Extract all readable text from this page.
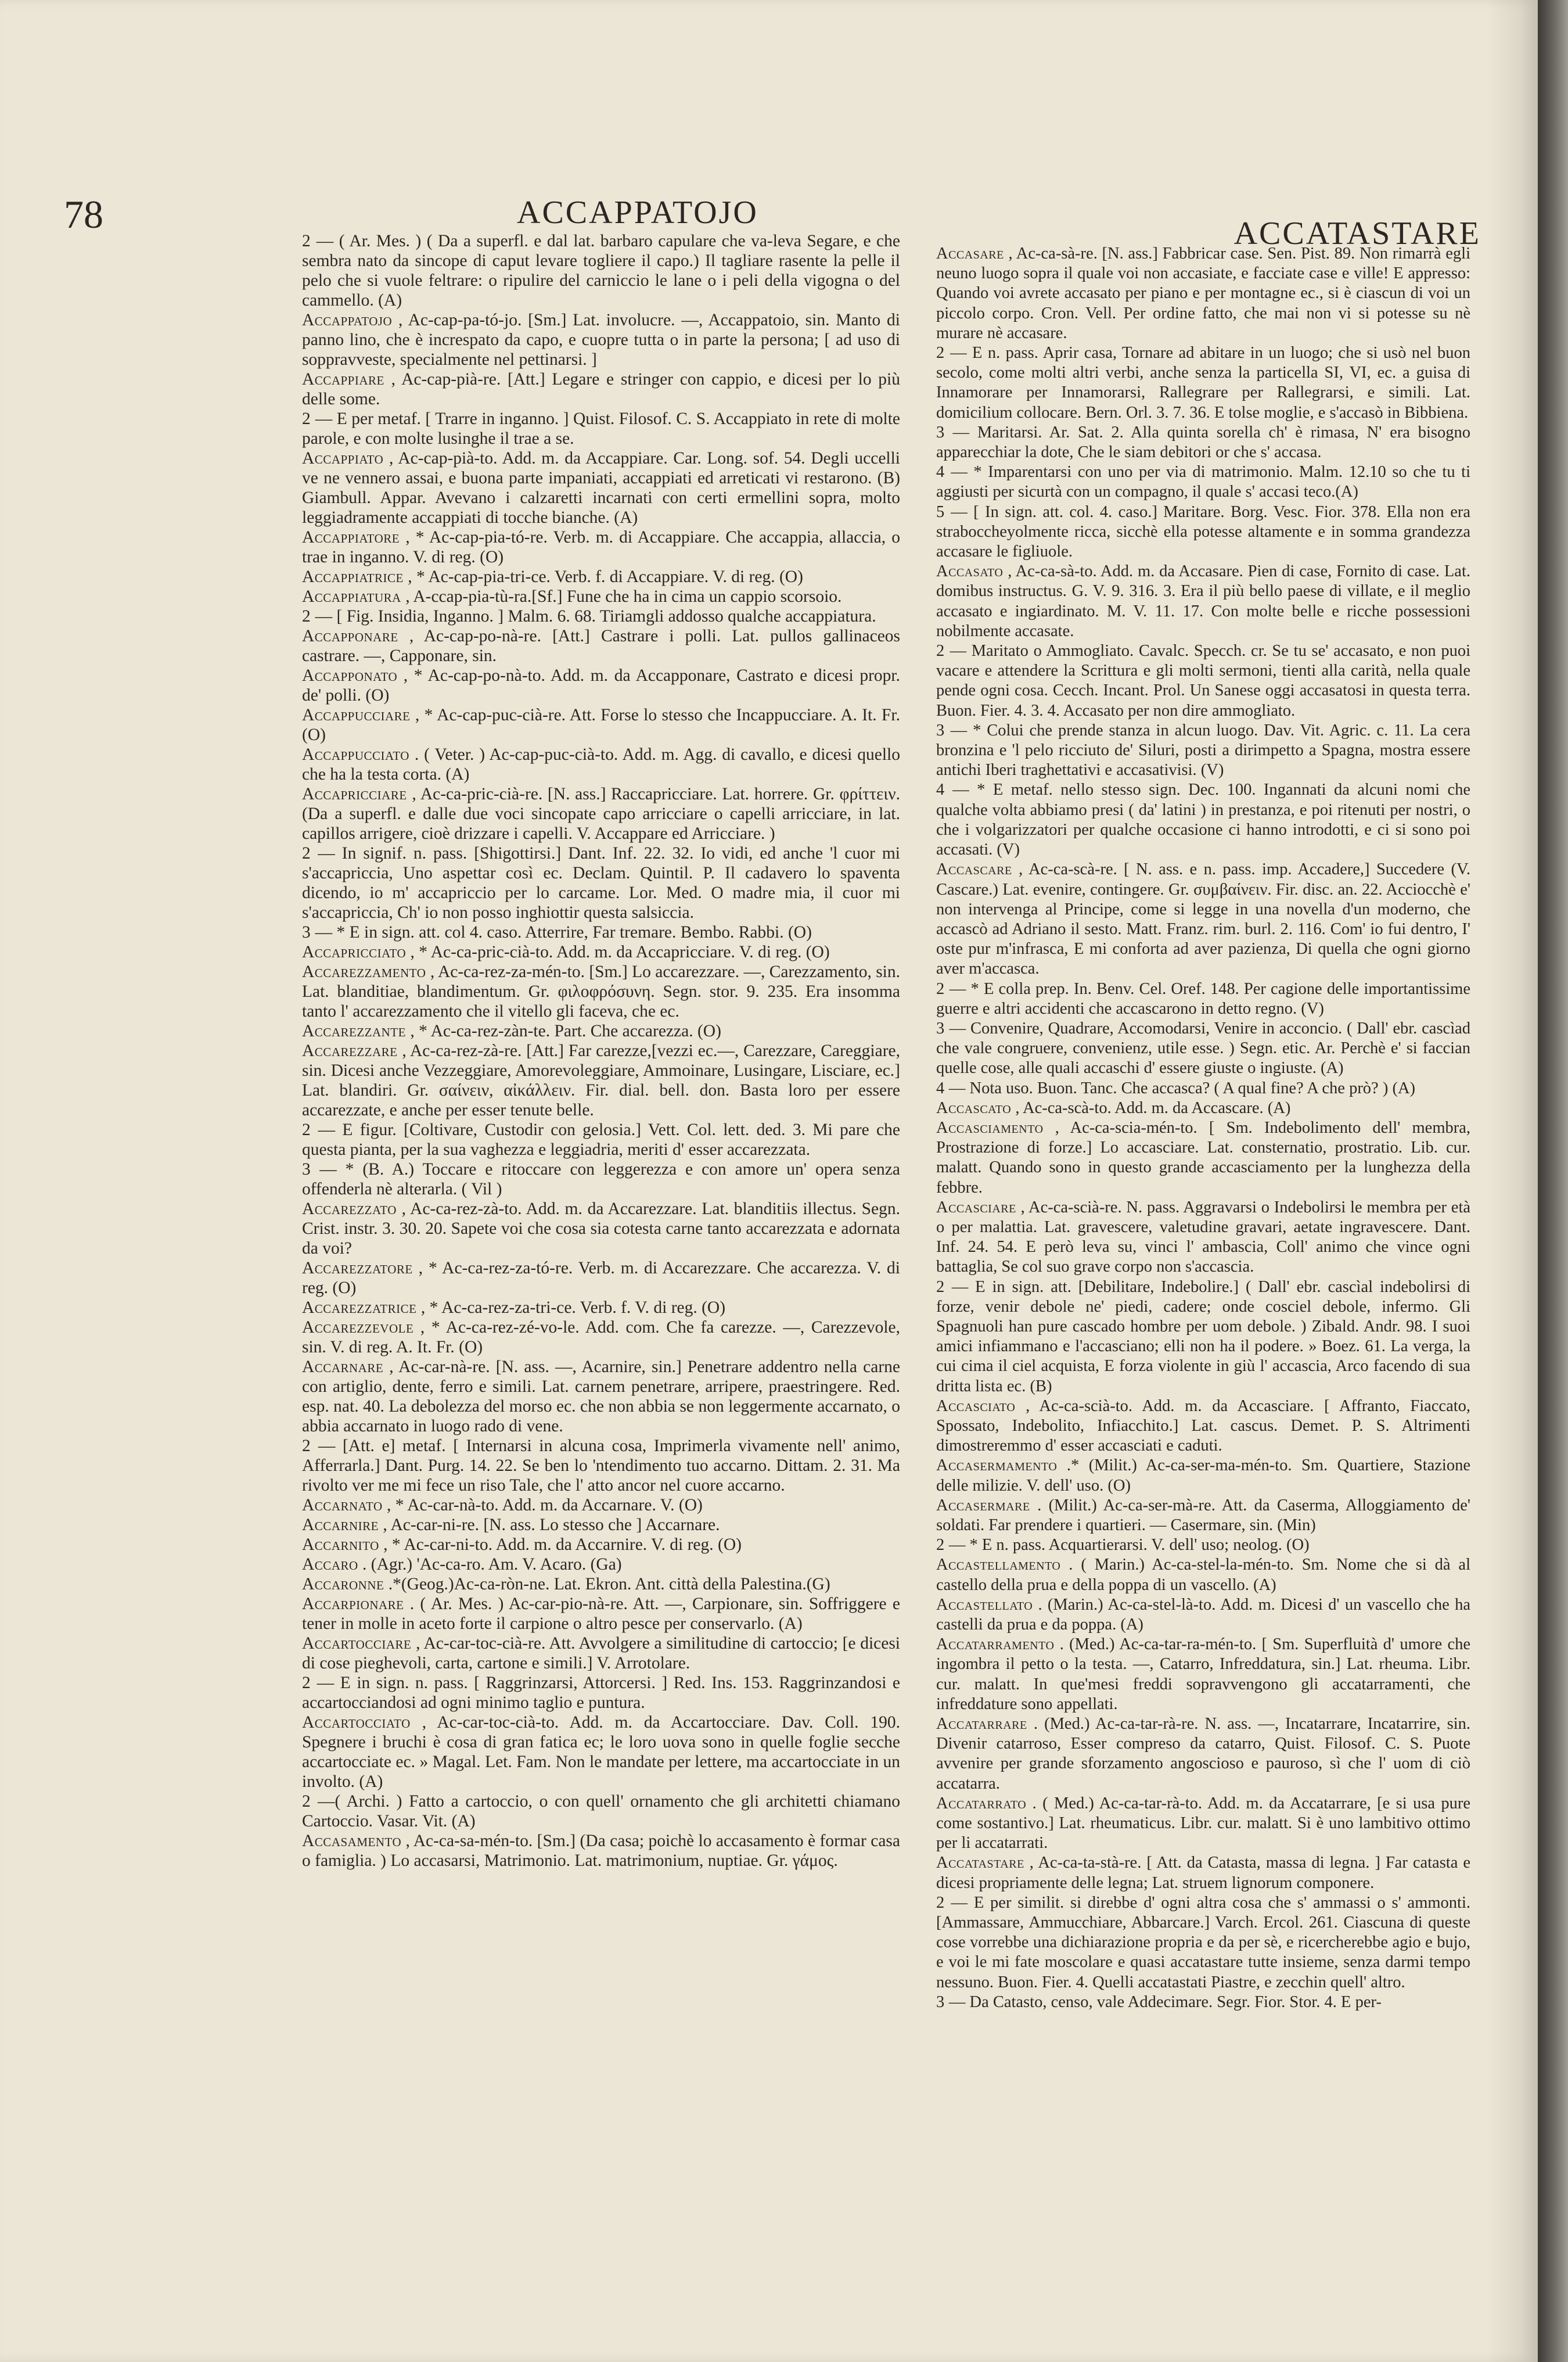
78	ACCAPPATOJO
ACCATASTARE
2 — ( Ar. Mes. ) ( Da a superfl. e dal lat. barbaro capulare che va-leva Segare, e che sembra nato da sincope di caput levare togliere il capo.) Il tagliare rasente la pelle il pelo che si vuole feltrare: o ripulire del carniccio le lane o i peli della vigogna o del cammello. (A)
Accappatojo , Ac-cap-pa-tó-jo. [Sm.] Lat. involucre. —, Accappatoio, sin. Manto di panno lino, che è increspato da capo, e cuopre tutta o in parte la persona; [ ad uso di soppravveste, specialmente nel pettinarsi. ]
Accappiare , Ac-cap-pià-re. [Att.] Legare e stringer con cappio, e dicesi per lo più delle some.
2 — E per metaf. [ Trarre in inganno. ] Quist. Filosof. C. S. Accappiato in rete di molte parole, e con molte lusinghe il trae a se.
Accappiato , Ac-cap-pià-to. Add. m. da Accappiare. Car. Long. sof. 54. Degli uccelli ve ne vennero assai, e buona parte impaniati, accappiati ed arreticati vi restarono. (B) Giambull. Appar. Avevano i calzaretti incarnati con certi ermellini sopra, molto leggiadramente accappiati di tocche bianche. (A)
Accappiatore , * Ac-cap-pia-tó-re. Verb. m. di Accappiare. Che accappia, allaccia, o trae in inganno. V. di reg. (O)
Accappiatrice , * Ac-cap-pia-tri-ce. Verb. f. di Accappiare. V. di reg. (O)
Accappiatura , A-ccap-pia-tù-ra.[Sf.] Fune che ha in cima un cappio scorsoio.
2 — [ Fig. Insidia, Inganno. ] Malm. 6. 68. Tiriamgli addosso qualche accappiatura.
Accapponare , Ac-cap-po-nà-re. [Att.] Castrare i polli. Lat. pullos gallinaceos castrare. —, Capponare, sin.
Accapponato , * Ac-cap-po-nà-to. Add. m. da Accapponare, Castrato e dicesi propr. de' polli. (O)
Accappucciare , * Ac-cap-puc-cià-re. Att. Forse lo stesso che Incappucciare. A. It. Fr. (O)
Accappucciato . ( Veter. ) Ac-cap-puc-cià-to. Add. m. Agg. di cavallo, e dicesi quello che ha la testa corta. (A)
Accapricciare , Ac-ca-pric-cià-re. [N. ass.] Raccapricciare. Lat. horrere. Gr. φρίττειν. (Da a superfl. e dalle due voci sincopate capo arricciare o capelli arricciare, in lat. capillos arrigere, cioè drizzare i capelli. V. Accappare ed Arricciare. )
2 — In signif. n. pass. [Shigottirsi.] Dant. Inf. 22. 32. Io vidi, ed anche 'l cuor mi s'accapriccia, Uno aspettar così ec. Declam. Quintil. P. Il cadavero lo spaventa dicendo, io m' accapriccio per lo carcame. Lor. Med. O madre mia, il cuor mi s'accapriccia, Ch' io non posso inghiottir questa salsiccia.
3 — * E in sign. att. col 4. caso. Atterrire, Far tremare. Bembo. Rabbi. (O)
Accapricciato , * Ac-ca-pric-cià-to. Add. m. da Accapricciare. V. di reg. (O)
Accarezzamento , Ac-ca-rez-za-mén-to. [Sm.] Lo accarezzare. —, Carezzamento, sin. Lat. blanditiae, blandimentum. Gr. φιλοφρόσυνη. Segn. stor. 9. 235. Era insomma tanto l' accarezzamento che il vitello gli faceva, che ec.
Accarezzante , * Ac-ca-rez-zàn-te. Part. Che accarezza. (O)
Accarezzare , Ac-ca-rez-zà-re. [Att.] Far carezze,[vezzi ec.—, Carezzare, Careggiare, sin. Dicesi anche Vezzeggiare, Amorevoleggiare, Ammoinare, Lusingare, Lisciare, ec.] Lat. blandiri. Gr. σαίνειν, αἰκάλλειν. Fir. dial. bell. don. Basta loro per essere accarezzate, e anche per esser tenute belle.
2 — E figur. [Coltivare, Custodir con gelosia.] Vett. Col. lett. ded. 3. Mi pare che questa pianta, per la sua vaghezza e leggiadria, meriti d' esser accarezzata.
3 — * (B. A.) Toccare e ritoccare con leggerezza e con amore un' opera senza offenderla nè alterarla. ( Vil )
Accarezzato , Ac-ca-rez-zà-to. Add. m. da Accarezzare. Lat. blanditiis illectus. Segn. Crist. instr. 3. 30. 20. Sapete voi che cosa sia cotesta carne tanto accarezzata e adornata da voi?
Accarezzatore , * Ac-ca-rez-za-tó-re. Verb. m. di Accarezzare. Che accarezza. V. di reg. (O)
Accarezzatrice , * Ac-ca-rez-za-tri-ce. Verb. f. V. di reg. (O)
Accarezzevole , * Ac-ca-rez-zé-vo-le. Add. com. Che fa carezze. —, Carezzevole, sin. V. di reg. A. It. Fr. (O)
Accarnare , Ac-car-nà-re. [N. ass. —, Acarnire, sin.] Penetrare addentro nella carne con artiglio, dente, ferro e simili. Lat. carnem penetrare, arripere, praestringere. Red. esp. nat. 40. La debolezza del morso ec. che non abbia se non leggermente accarnato, o abbia accarnato in luogo rado di vene.
2 — [Att. e] metaf. [ Internarsi in alcuna cosa, Imprimerla vivamente nell' animo, Afferrarla.] Dant. Purg. 14. 22. Se ben lo 'ntendimento tuo accarno. Dittam. 2. 31. Ma rivolto ver me mi fece un riso Tale, che l' atto ancor nel cuore accarno.
Accarnato , * Ac-car-nà-to. Add. m. da Accarnare. V. (O)
Accarnire , Ac-car-ni-re. [N. ass. Lo stesso che ] Accarnare.
Accarnito , * Ac-car-ni-to. Add. m. da Accarnire. V. di reg. (O)
Accaro . (Agr.) 'Ac-ca-ro. Am. V. Acaro. (Ga)
Accaronne .*(Geog.)Ac-ca-ròn-ne. Lat. Ekron. Ant. città della Palestina.(G)
Accarpionare . ( Ar. Mes. ) Ac-car-pio-nà-re. Att. —, Carpionare, sin. Soffriggere e tener in molle in aceto forte il carpione o altro pesce per conservarlo. (A)
Accartocciare , Ac-car-toc-cià-re. Att. Avvolgere a similitudine di cartoccio; [e dicesi di cose pieghevoli, carta, cartone e simili.] V. Arrotolare.
2 — E in sign. n. pass. [ Raggrinzarsi, Attorcersi. ] Red. Ins. 153. Raggrinzandosi e accartocciandosi ad ogni minimo taglio e puntura.
Accartocciato , Ac-car-toc-cià-to. Add. m. da Accartocciare. Dav. Coll. 190. Spegnere i bruchi è cosa di gran fatica ec; le loro uova sono in quelle foglie secche accartocciate ec. » Magal. Let. Fam. Non le mandate per lettere, ma accartocciate in un involto. (A)
2 —( Archi. ) Fatto a cartoccio, o con quell' ornamento che gli architetti chiamano Cartoccio. Vasar. Vit. (A)
Accasamento , Ac-ca-sa-mén-to. [Sm.] (Da casa; poichè lo accasamento è formar casa o famiglia. ) Lo accasarsi, Matrimonio. Lat. matrimonium, nuptiae. Gr. γάμος.
Accasare , Ac-ca-sà-re. [N. ass.] Fabbricar case. Sen. Pist. 89. Non rimarrà egli neuno luogo sopra il quale voi non accasiate, e facciate case e ville! E appresso: Quando voi avrete accasato per piano e per montagne ec., si è ciascun di voi un piccolo corpo. Cron. Vell. Per ordine fatto, che mai non vi si potesse su nè murare nè accasare.
2 — E n. pass. Aprir casa, Tornare ad abitare in un luogo; che si usò nel buon secolo, come molti altri verbi, anche senza la particella SI, VI, ec. a guisa di Innamorare per Innamorarsi, Rallegrare per Rallegrarsi, e simili. Lat. domicilium collocare. Bern. Orl. 3. 7. 36. E tolse moglie, e s'accasò in Bibbiena.
3 — Maritarsi. Ar. Sat. 2. Alla quinta sorella ch' è rimasa, N' era bisogno apparecchiar la dote, Che le siam debitori or che s' accasa.
4 — * Imparentarsi con uno per via di matrimonio. Malm. 12.10 so che tu ti aggiusti per sicurtà con un compagno, il quale s' accasi teco.(A)
5 — [ In sign. att. col. 4. caso.] Maritare. Borg. Vesc. Fior. 378. Ella non era straboccheyolmente ricca, sicchè ella potesse altamente e in somma grandezza accasare le figliuole.
Accasato , Ac-ca-sà-to. Add. m. da Accasare. Pien di case, Fornito di case. Lat. domibus instructus. G. V. 9. 316. 3. Era il più bello paese di villate, e il meglio accasato e ingiardinato. M. V. 11. 17. Con molte belle e ricche possessioni nobilmente accasate.
2 — Maritato o Ammogliato. Cavalc. Specch. cr. Se tu se' accasato, e non puoi vacare e attendere la Scrittura e gli molti sermoni, tienti alla carità, nella quale pende ogni cosa. Cecch. Incant. Prol. Un Sanese oggi accasatosi in questa terra. Buon. Fier. 4. 3. 4. Accasato per non dire ammogliato.
3 — * Colui che prende stanza in alcun luogo. Dav. Vit. Agric. c. 11. La cera bronzina e 'l pelo ricciuto de' Siluri, posti a dirimpetto a Spagna, mostra essere antichi Iberi traghettativi e accasativisi. (V)
4 — * E metaf. nello stesso sign. Dec. 100. Ingannati da alcuni nomi che qualche volta abbiamo presi ( da' latini ) in prestanza, e poi ritenuti per nostri, o che i volgarizzatori per qualche occasione ci hanno introdotti, e ci si sono poi accasati. (V)
Accascare , Ac-ca-scà-re. [ N. ass. e n. pass. imp. Accadere,] Succedere (V. Cascare.) Lat. evenire, contingere. Gr. συμβαίνειν. Fir. disc. an. 22. Acciocchè e' non intervenga al Principe, come si legge in una novella d'un moderno, che accascò ad Adriano il sesto. Matt. Franz. rim. burl. 2. 116. Com' io fui dentro, I' oste pur m'infrasca, E mi conforta ad aver pazienza, Di quella che ogni giorno aver m'accasca.
2 — * E colla prep. In. Benv. Cel. Oref. 148. Per cagione delle importantissime guerre e altri accidenti che accascarono in detto regno. (V)
3 — Convenire, Quadrare, Accomodarsi, Venire in acconcio. ( Dall' ebr. cascìad che vale congruere, convenienz, utile esse. ) Segn. etic. Ar. Perchè e' si faccian quelle cose, alle quali accaschi d' essere giuste o ingiuste. (A)
4 — Nota uso. Buon. Tanc. Che accasca? ( A qual fine? A che prò? ) (A)
Accascato , Ac-ca-scà-to. Add. m. da Accascare. (A)
Accasciamento , Ac-ca-scia-mén-to. [ Sm. Indebolimento dell' membra, Prostrazione di forze.] Lo accasciare. Lat. consternatio, prostratio. Lib. cur. malatt. Quando sono in questo grande accasciamento per la lunghezza della febbre.
Accasciare , Ac-ca-scià-re. N. pass. Aggravarsi o Indebolirsi le membra per età o per malattia. Lat. gravescere, valetudine gravari, aetate ingravescere. Dant. Inf. 24. 54. E però leva su, vinci l' ambascia, Coll' animo che vince ogni battaglia, Se col suo grave corpo non s'accascia.
2 — E in sign. att. [Debilitare, Indebolire.] ( Dall' ebr. cascìal indebolirsi di forze, venir debole ne' piedi, cadere; onde cosciel debole, infermo. Gli Spagnuoli han pure cascado hombre per uom debole. ) Zibald. Andr. 98. I suoi amici infiammano e l'accasciano; elli non ha il podere. » Boez. 61. La verga, la cui cima il ciel acquista, E forza violente in giù l' accascia, Arco facendo di sua dritta lista ec. (B)
Accasciato , Ac-ca-scià-to. Add. m. da Accasciare. [ Affranto, Fiaccato, Spossato, Indebolito, Infiacchito.] Lat. cascus. Demet. P. S. Altrimenti dimostreremmo d' esser accasciati e caduti.
Accasermamento .* (Milit.) Ac-ca-ser-ma-mén-to. Sm. Quartiere, Stazione delle milizie. V. dell' uso. (O)
Accasermare . (Milit.) Ac-ca-ser-mà-re. Att. da Caserma, Alloggiamento de' soldati. Far prendere i quartieri. — Casermare, sin. (Min)
2 — * E n. pass. Acquartierarsi. V. dell' uso; neolog. (O)
Accastellamento . ( Marin.) Ac-ca-stel-la-mén-to. Sm. Nome che si dà al castello della prua e della poppa di un vascello. (A)
Accastellato . (Marin.) Ac-ca-stel-là-to. Add. m. Dicesi d' un vascello che ha castelli da prua e da poppa. (A)
Accatarramento . (Med.) Ac-ca-tar-ra-mén-to. [ Sm. Superfluità d' umore che ingombra il petto o la testa. —, Catarro, Infreddatura, sin.] Lat. rheuma. Libr. cur. malatt. In que'mesi freddi sopravvengono gli accatarramenti, che infreddature sono appellati.
Accatarrare . (Med.) Ac-ca-tar-rà-re. N. ass. —, Incatarrare, Incatarrire, sin. Divenir catarroso, Esser compreso da catarro, Quist. Filosof. C. S. Puote avvenire per grande sforzamento angoscioso e pauroso, sì che l' uom di ciò accatarra.
Accatarrato . ( Med.) Ac-ca-tar-rà-to. Add. m. da Accatarrare, [e si usa pure come sostantivo.] Lat. rheumaticus. Libr. cur. malatt. Si è uno lambitivo ottimo per li accatarrati.
Accatastare , Ac-ca-ta-stà-re. [ Att. da Catasta, massa di legna. ] Far catasta e dicesi propriamente delle legna; Lat. struem lignorum componere.
2 — E per similit. si direbbe d' ogni altra cosa che s' ammassi o s' ammonti. [Ammassare, Ammucchiare, Abbarcare.] Varch. Ercol. 261. Ciascuna di queste cose vorrebbe una dichiarazione propria e da per sè, e ricercherebbe agio e bujo, e voi le mi fate moscolare e quasi accatastare tutte insieme, senza darmi tempo nessuno. Buon. Fier. 4. Quelli accatastati Piastre, e zecchin quell' altro.
3 — Da Catasto, censo, vale Addecimare. Segr. Fior. Stor. 4. E per-
